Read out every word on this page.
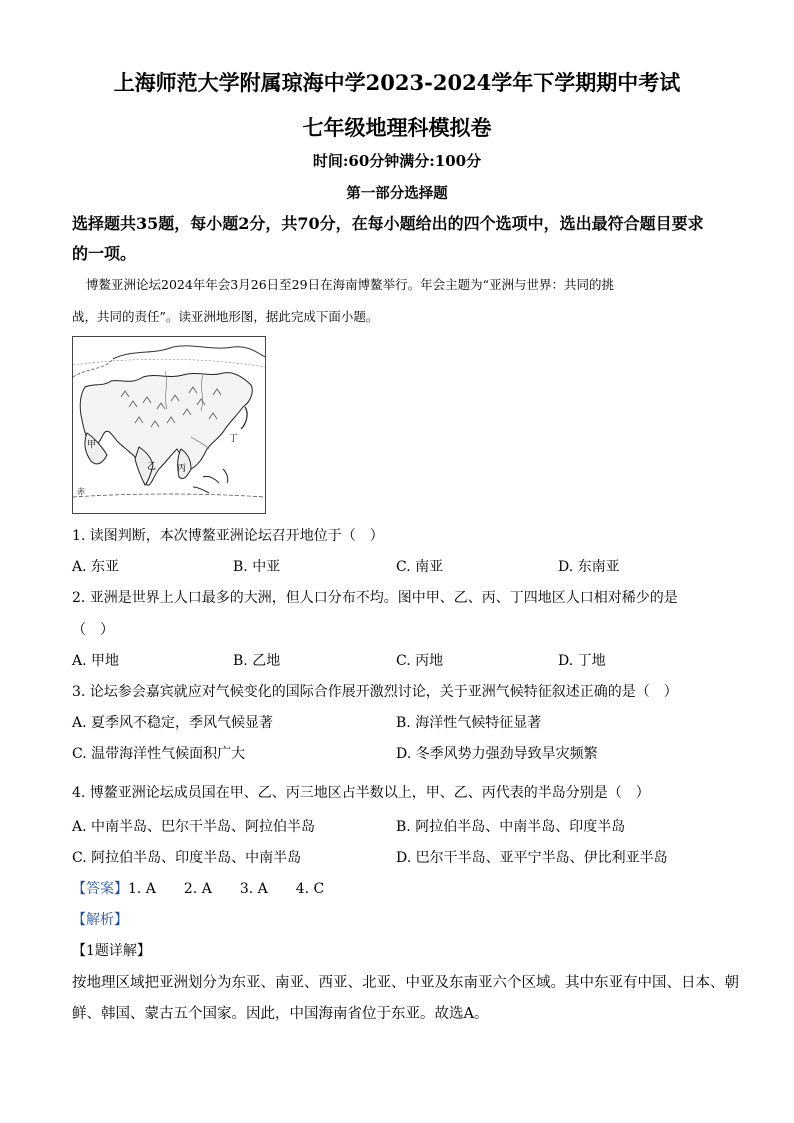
上海师范大学附属琼海中学2023-2024学年下学期期中考试
七年级地理科模拟卷
时间:60分钟满分:100分
第一部分选择题
选择题共35题，每小题2分，共70分，在每小题给出的四个选项中，选出最符合题目要求
的一项。
博鳌亚洲论坛2024年年会3月26日至29日在海南博鳌举行。年会主题为“亚洲与世界：共同的挑
战，共同的责任”。读亚洲地形图，据此完成下面小题。
甲
乙 丙
丁
赤
1. 读图判断，本次博鳌亚洲论坛召开地位于（　）
A. 东亚	B. 中亚	C. 南亚	D. 东南亚
2. 亚洲是世界上人口最多的大洲，但人口分布不均。图中甲、乙、丙、丁四地区人口相对稀少的是
（　）
A. 甲地	B. 乙地	C. 丙地	D. 丁地
3. 论坛参会嘉宾就应对气候变化的国际合作展开激烈讨论，关于亚洲气候特征叙述正确的是（　）
A. 夏季风不稳定，季风气候显著	B. 海洋性气候特征显著
C. 温带海洋性气候面积广大	D. 冬季风势力强劲导致旱灾频繁
4. 博鳌亚洲论坛成员国在甲、乙、丙三地区占半数以上，甲、乙、丙代表的半岛分别是（　）
A. 中南半岛、巴尔干半岛、阿拉伯半岛	B. 阿拉伯半岛、中南半岛、印度半岛
C. 阿拉伯半岛、印度半岛、中南半岛	D. 巴尔干半岛、亚平宁半岛、伊比利亚半岛
【答案】1. A　　2. A　　3. A　　4. C
【解析】
【1题详解】
按地理区域把亚洲划分为东亚、南亚、西亚、北亚、中亚及东南亚六个区域。其中东亚有中国、日本、朝
鲜、韩国、蒙古五个国家。因此，中国海南省位于东亚。故选A。
